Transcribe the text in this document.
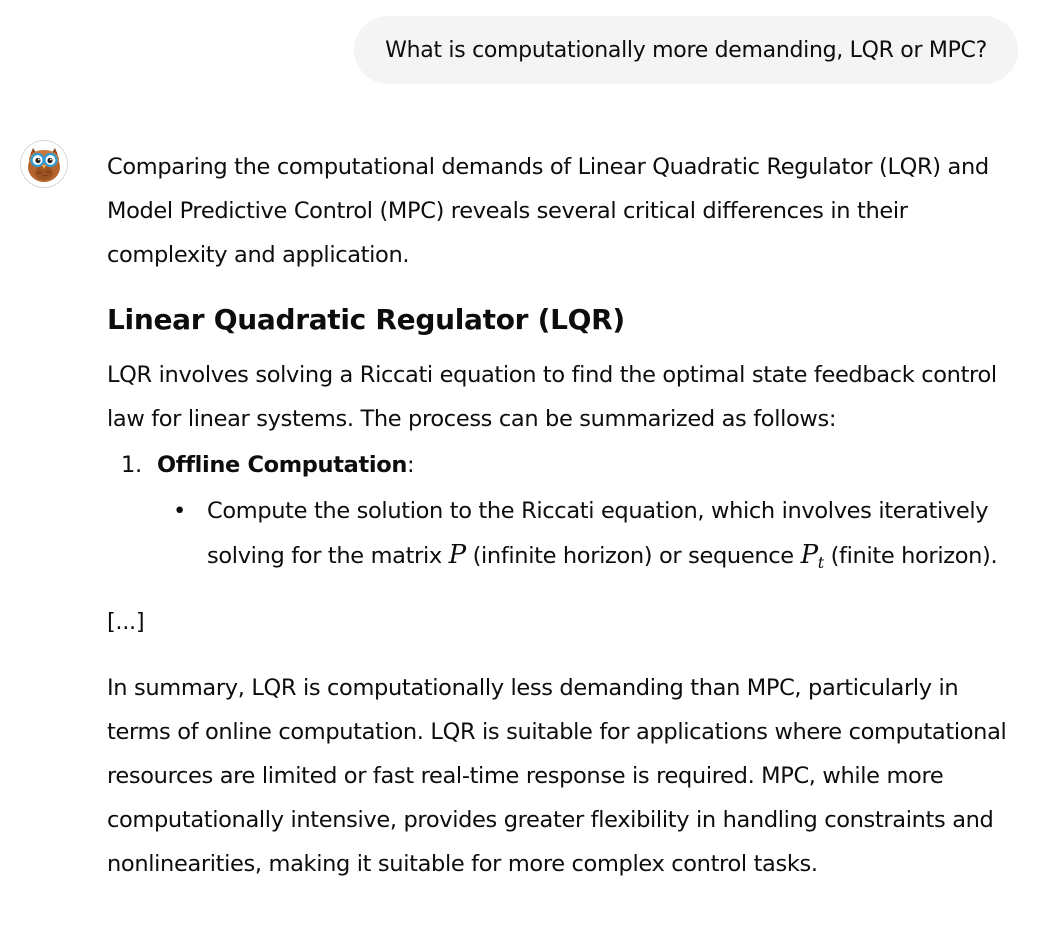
What is computationally more demanding, LQR or MPC?

Comparing the computational demands of Linear Quadratic Regulator (LQR) and Model Predictive Control (MPC) reveals several critical differences in their complexity and application.

Linear Quadratic Regulator (LQR)

LQR involves solving a Riccati equation to find the optimal state feedback control law for linear systems. The process can be summarized as follows:

1. Offline Computation:
• Compute the solution to the Riccati equation, which involves iteratively solving for the matrix P (infinite horizon) or sequence $P_t$ (finite horizon).

[...]

In summary, LQR is computationally less demanding than MPC, particularly in terms of online computation. LQR is suitable for applications where computational resources are limited or fast real-time response is required. MPC, while more computationally intensive, provides greater flexibility in handling constraints and nonlinearities, making it suitable for more complex control tasks.
